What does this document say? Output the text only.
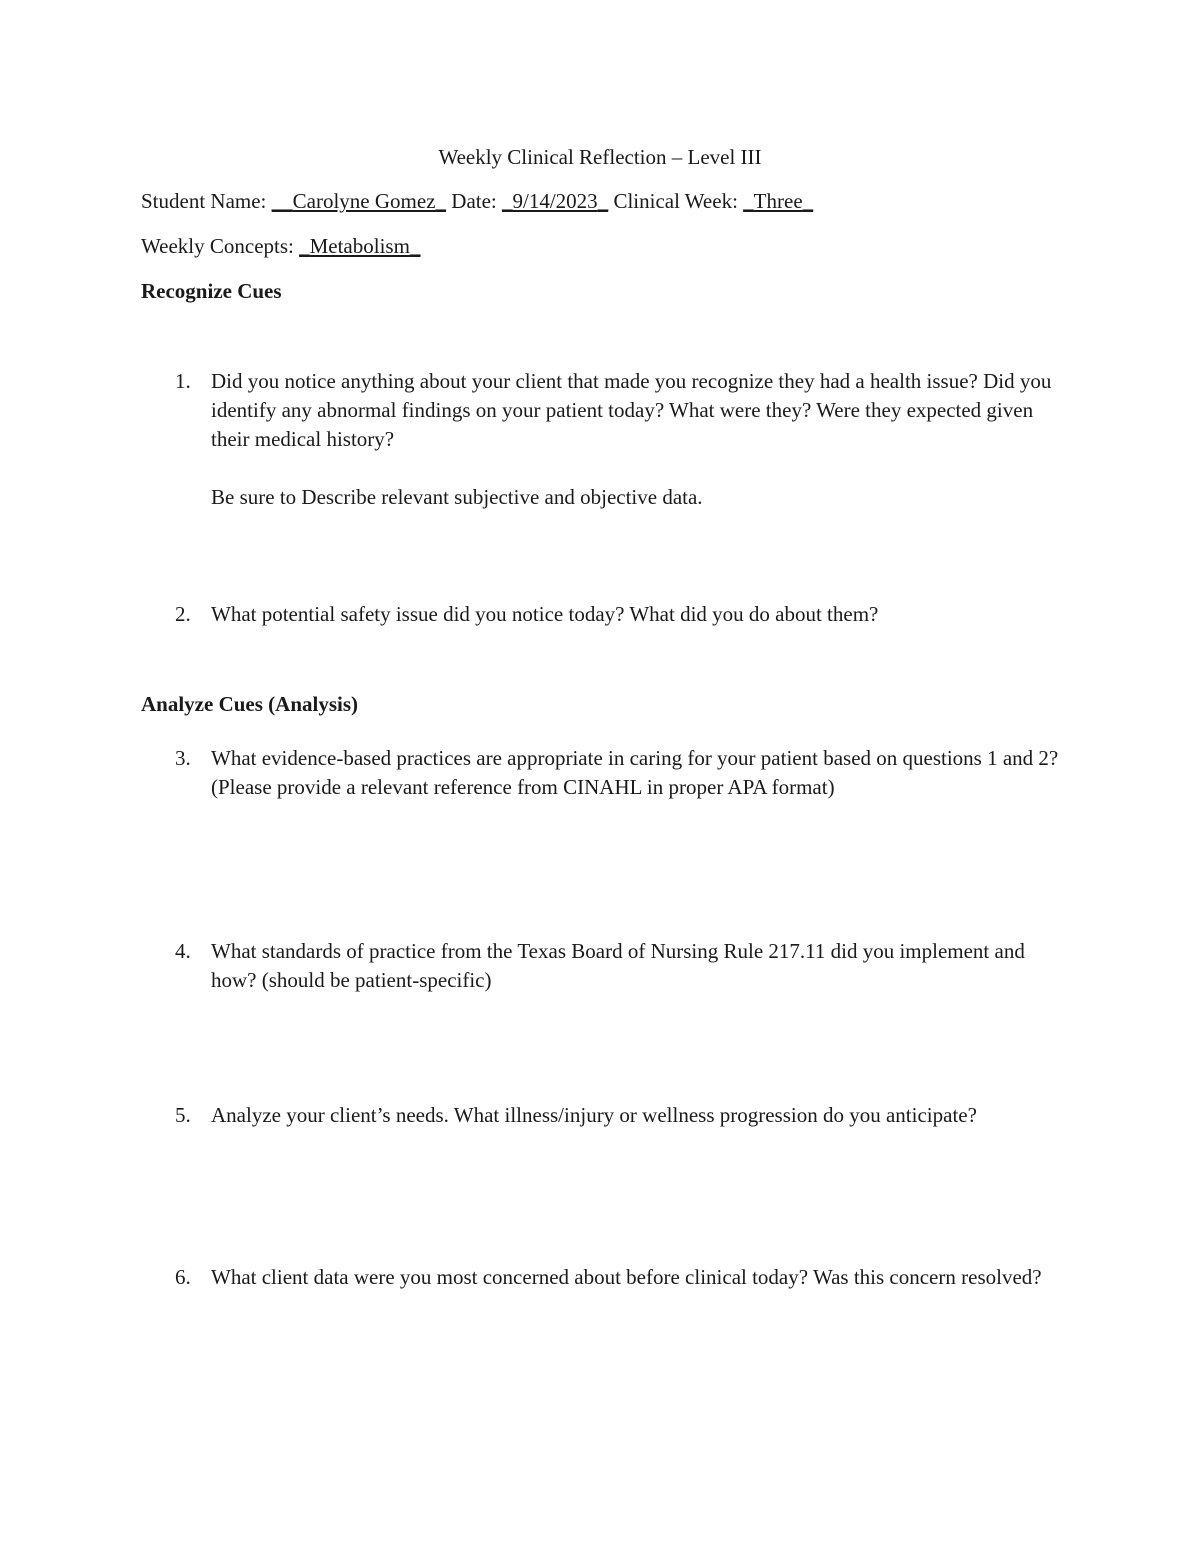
Weekly Clinical Reflection – Level III
Student Name: __Carolyne Gomez_ Date: _9/14/2023_ Clinical Week: _Three_
Weekly Concepts: _Metabolism_
Recognize Cues
1. Did you notice anything about your client that made you recognize they had a health issue? Did you identify any abnormal findings on your patient today? What were they? Were they expected given their medical history?
Be sure to Describe relevant subjective and objective data.
2. What potential safety issue did you notice today? What did you do about them?
Analyze Cues (Analysis)
3. What evidence-based practices are appropriate in caring for your patient based on questions 1 and 2? (Please provide a relevant reference from CINAHL in proper APA format)
4. What standards of practice from the Texas Board of Nursing Rule 217.11 did you implement and how? (should be patient-specific)
5. Analyze your client’s needs. What illness/injury or wellness progression do you anticipate?
6. What client data were you most concerned about before clinical today? Was this concern resolved?
